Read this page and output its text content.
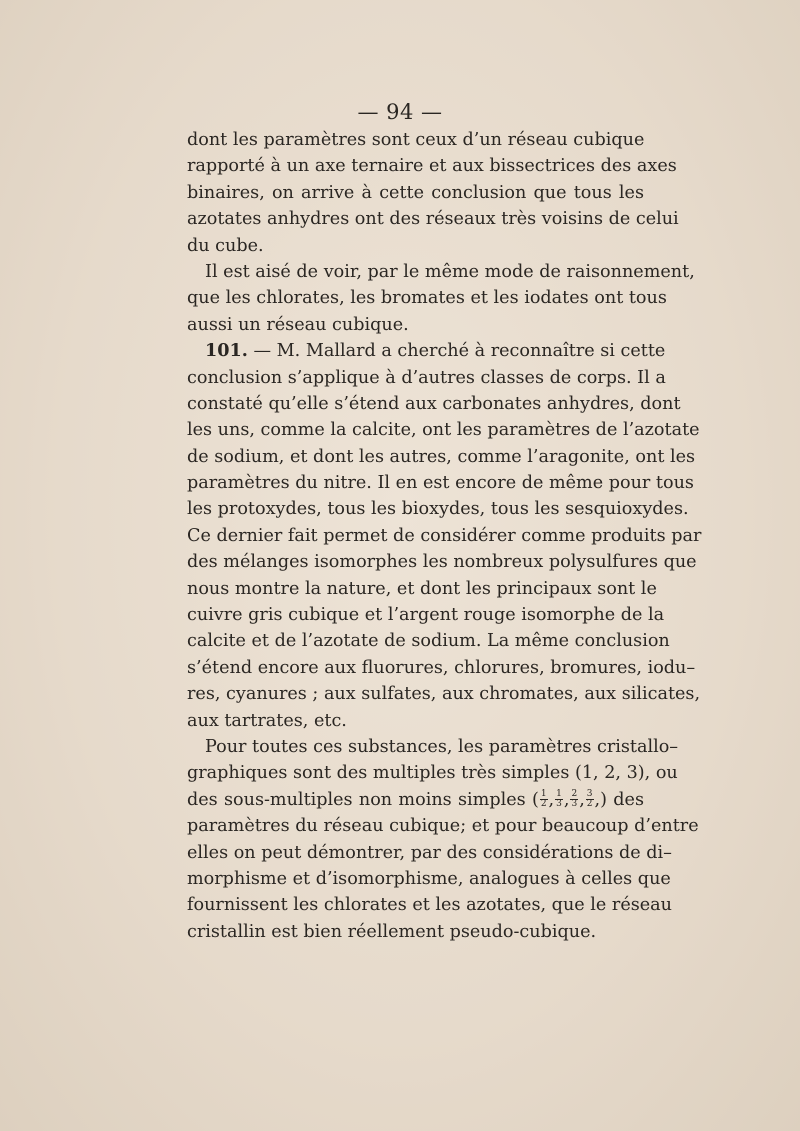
— 94 —
dont les paramètres sont ceux d’un réseau cubique
rapporté à un axe ternaire et aux bissectrices des axes
binaires, on arrive à cette conclusion que tous les
azotates anhydres ont des réseaux très voisins de celui
du cube.
Il est aisé de voir, par le même mode de raisonnement,
que les chlorates, les bromates et les iodates ont tous
aussi un réseau cubique.
101. — M. Mallard a cherché à reconnaître si cette
conclusion s’applique à d’autres classes de corps. Il a
constaté qu’elle s’étend aux carbonates anhydres, dont
les uns, comme la calcite, ont les paramètres de l’azotate
de sodium, et dont les autres, comme l’aragonite, ont les
paramètres du nitre. Il en est encore de même pour tous
les protoxydes, tous les bioxydes, tous les sesquioxydes.
Ce dernier fait permet de considérer comme produits par
des mélanges isomorphes les nombreux polysulfures que
nous montre la nature, et dont les principaux sont le
cuivre gris cubique et l’argent rouge isomorphe de la
calcite et de l’azotate de sodium. La même conclusion
s’étend encore aux fluorures, chlorures, bromures, iodu–
res, cyanures ; aux sulfates, aux chromates, aux silicates,
aux tartrates, etc.
Pour toutes ces substances, les paramètres cristallo–
graphiques sont des multiples très simples (1, 2, 3), ou
des sous-multiples non moins simples ( $\frac{1}{2}$ , $\frac{1}{3}$ , $\frac{2}{3}$ , $\frac{3}{2}$ ,) des
paramètres du réseau cubique; et pour beaucoup d’entre
elles on peut démontrer, par des considérations de di–
morphisme et d’isomorphisme, analogues à celles que
fournissent les chlorates et les azotates, que le réseau
cristallin est bien réellement pseudo-cubique.
